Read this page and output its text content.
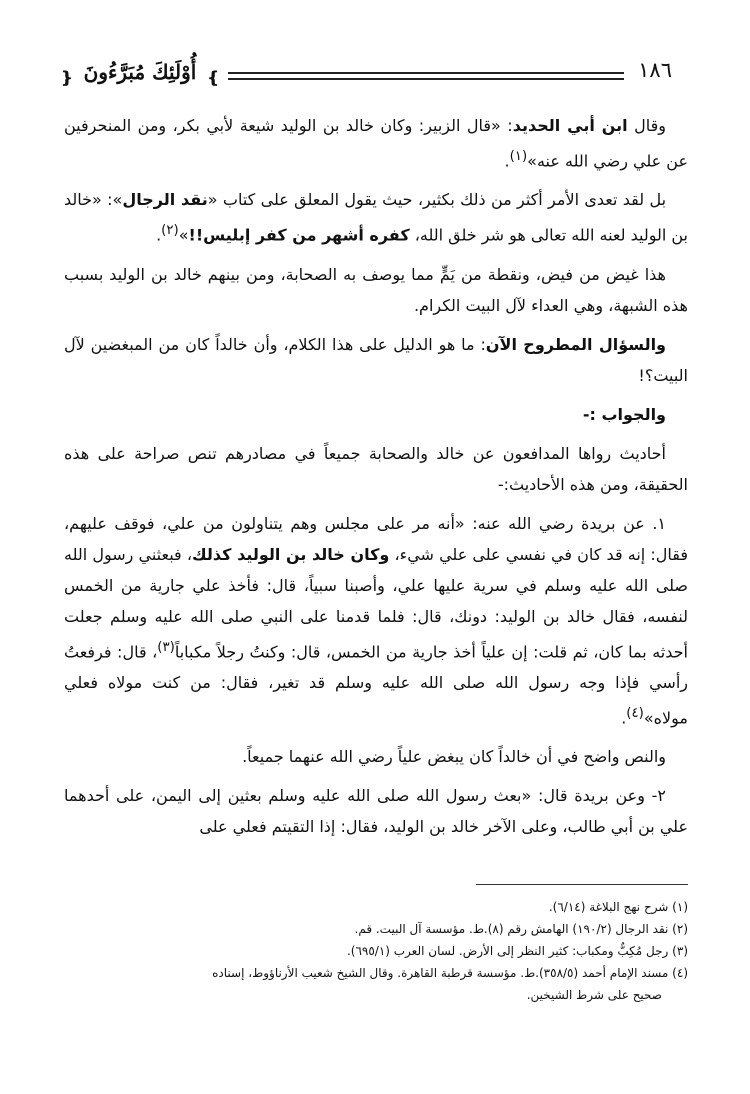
١٨٦
❵
أُوْلَئِكَ مُبَرَّءُونَ
❴

وقال ابن أبي الحديد: «قال الزبير: وكان خالد بن الوليد شيعة لأبي بكر، ومن المنحرفين عن علي رضي الله عنه»$^{(١)}$.

بل لقد تعدى الأمر أكثر من ذلك بكثير، حيث يقول المعلق على كتاب «نقد الرجال»: «خالد بن الوليد لعنه الله تعالى هو شر خلق الله، كفره أشهر من كفر إبليس!!»$^{(٢)}$.

هذا غيض من فيض، ونقطة من يَمٍّ مما يوصف به الصحابة، ومن بينهم خالد بن الوليد بسبب هذه الشبهة، وهي العداء لآل البيت الكرام.

والسؤال المطروح الآن: ما هو الدليل على هذا الكلام، وأن خالداً كان من المبغضين لآل البيت؟!

والجواب :-

أحاديث رواها المدافعون عن خالد والصحابة جميعاً في مصادرهم تنص صراحة على هذه الحقيقة، ومن هذه الأحاديث:-

١. عن بريدة رضي الله عنه: «أنه مر على مجلس وهم يتناولون من علي، فوقف عليهم، فقال: إنه قد كان في نفسي على علي شيء، وكان خالد بن الوليد كذلك، فبعثني رسول الله صلى الله عليه وسلم في سرية عليها علي، وأصبنا سبياً، قال: فأخذ علي جارية من الخمس لنفسه، فقال خالد بن الوليد: دونك، قال: فلما قدمنا على النبي صلى الله عليه وسلم جعلت أحدثه بما كان، ثم قلت: إن علياً أخذ جارية من الخمس، قال: وكنتُ رجلاً مكباباً$^{(٣)}$، قال: فرفعتُ رأسي فإذا وجه رسول الله صلى الله عليه وسلم قد تغير، فقال: من كنت مولاه فعلي مولاه»$^{(٤)}$.

والنص واضح في أن خالداً كان يبغض علياً رضي الله عنهما جميعاً.

٢- وعن بريدة قال: «بعث رسول الله صلى الله عليه وسلم بعثين إلى اليمن، على أحدهما علي بن أبي طالب، وعلى الآخر خالد بن الوليد، فقال: إذا التقيتم فعلي على

(١) شرح نهج البلاغة (٦/١٤).
(٢) نقد الرجال (١٩٠/٢) الهامش رقم (٨).ط. مؤسسة آل البيت. قم.
(٣) رجل مُكِبٌّ ومكباب: كثير النظر إلى الأرض. لسان العرب (٦٩٥/١).
(٤) مسند الإمام أحمد (٣٥٨/٥).ط. مؤسسة قرطبة القاهرة. وقال الشيخ شعيب الأرناؤوط، إسناده
صحيح على شرط الشيخين.
